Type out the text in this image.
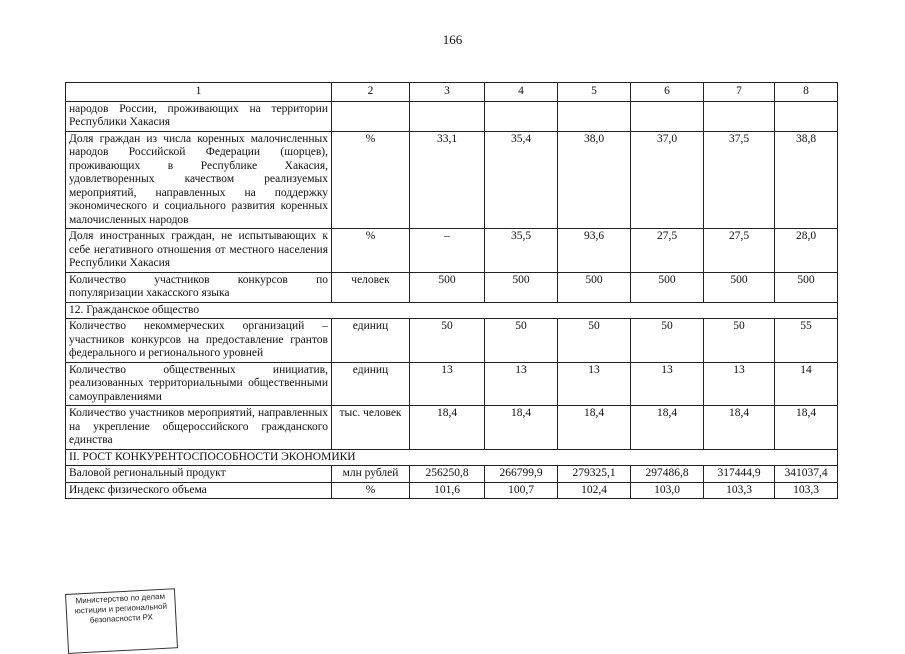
166
1	2	3	4	5	6	7	8
народов России, проживающих на территории Республики Хакасия							
Доля граждан из числа коренных малочисленных народов Российской Федерации (шорцев), проживающих в Республике Хакасия, удовлетворенных качеством реализуемых мероприятий, направленных на поддержку экономического и социального развития коренных малочисленных народов	%	33,1	35,4	38,0	37,0	37,5	38,8
Доля иностранных граждан, не испытывающих к себе негативного отношения от местного населения Республики Хакасия	%	–	35,5	93,6	27,5	27,5	28,0
Количество участников конкурсов по популяризации хакасского языка	человек	500	500	500	500	500	500
12. Гражданское общество							
Количество некоммерческих организаций – участников конкурсов на предоставление грантов федерального и регионального уровней	единиц	50	50	50	50	50	55
Количество общественных инициатив, реализованных территориальными общественными самоуправлениями	единиц	13	13	13	13	13	14
Количество участников мероприятий, направленных на укрепление общероссийского гражданского единства	тыс. человек	18,4	18,4	18,4	18,4	18,4	18,4
II. РОСТ КОНКУРЕНТОСПОСОБНОСТИ ЭКОНОМИКИ							
Валовой региональный продукт	млн рублей	256250,8	266799,9	279325,1	297486,8	317444,9	341037,4
Индекс физического объема	%	101,6	100,7	102,4	103,0	103,3	103,3
Министерство по делам
юстиции и региональной
безопасности РХ
